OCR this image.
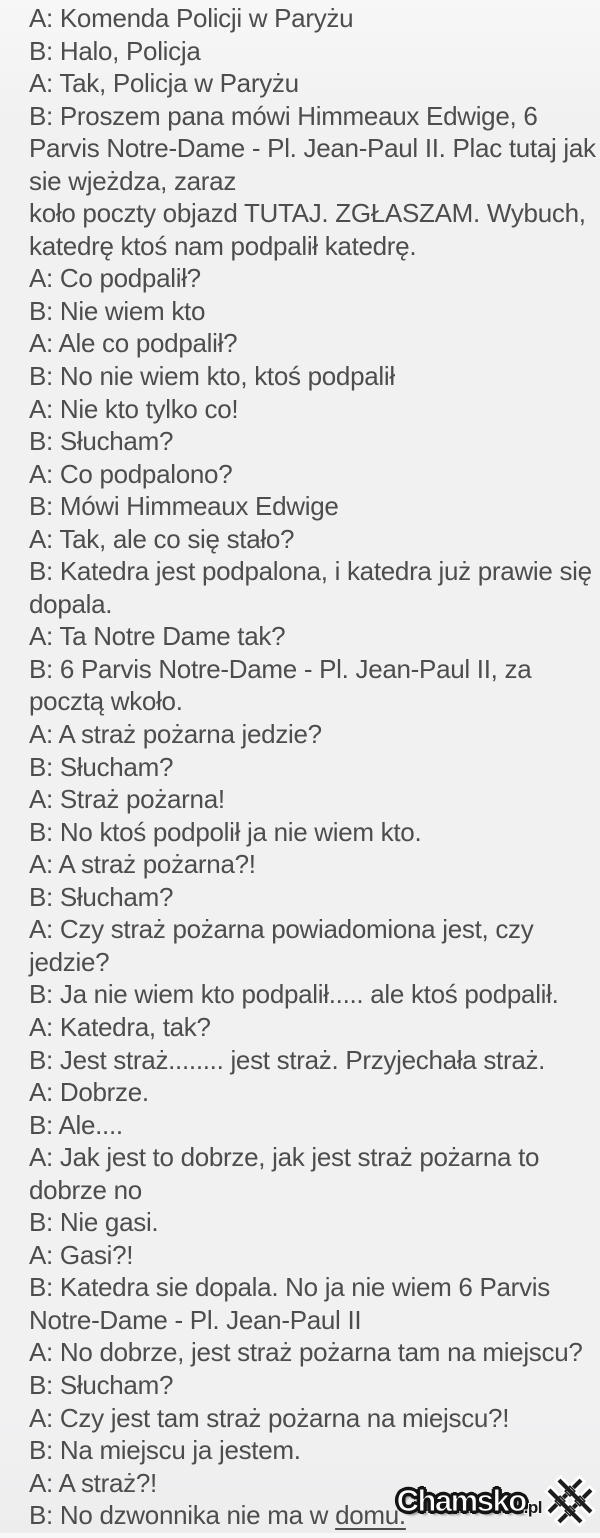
A: Komenda Policji w Paryżu
B: Halo, Policja
A: Tak, Policja w Paryżu
B: Proszem pana mówi Himmeaux Edwige, 6
Parvis Notre-Dame - Pl. Jean-Paul II. Plac tutaj jak
sie wjeżdza, zaraz
koło poczty objazd TUTAJ. ZGŁASZAM. Wybuch,
katedrę ktoś nam podpalił katedrę.
A: Co podpalił?
B: Nie wiem kto
A: Ale co podpalił?
B: No nie wiem kto, ktoś podpalił
A: Nie kto tylko co!
B: Słucham?
A: Co podpalono?
B: Mówi Himmeaux Edwige
A: Tak, ale co się stało?
B: Katedra jest podpalona, i katedra już prawie się
dopala.
A: Ta Notre Dame tak?
B: 6 Parvis Notre-Dame - Pl. Jean-Paul II, za
pocztą wkoło.
A: A straż pożarna jedzie?
B: Słucham?
A: Straż pożarna!
B: No ktoś podpolił ja nie wiem kto.
A: A straż pożarna?!
B: Słucham?
A: Czy straż pożarna powiadomiona jest, czy
jedzie?
B: Ja nie wiem kto podpalił..... ale ktoś podpalił.
A: Katedra, tak?
B: Jest straż........ jest straż. Przyjechała straż.
A: Dobrze.
B: Ale....
A: Jak jest to dobrze, jak jest straż pożarna to
dobrze no
B: Nie gasi.
A: Gasi?!
B: Katedra sie dopala. No ja nie wiem 6 Parvis
Notre-Dame - Pl. Jean-Paul II
A: No dobrze, jest straż pożarna tam na miejscu?
B: Słucham?
A: Czy jest tam straż pożarna na miejscu?!
B: Na miejscu ja jestem.
A: A straż?!
B: No dzwonnika nie ma w domu.
Chamsko
.pl
